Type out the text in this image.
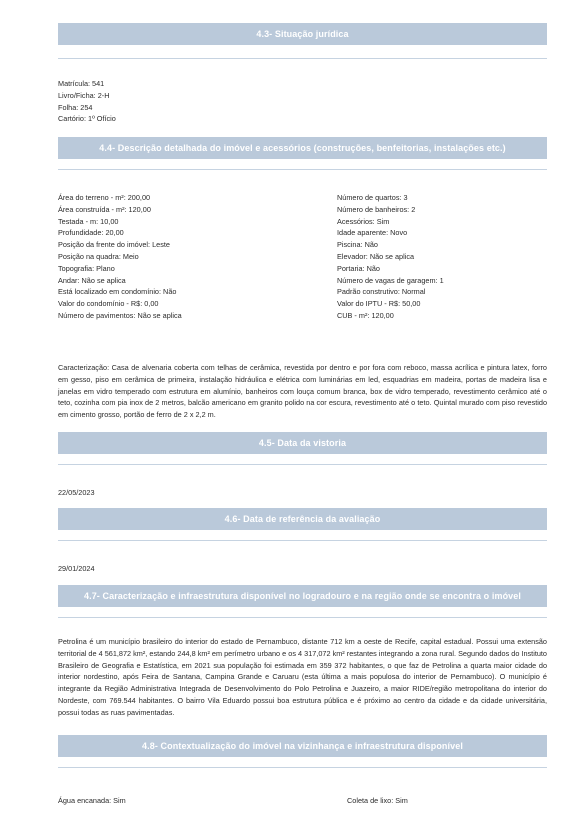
4.3- Situação jurídica
Matrícula: 541
Livro/Ficha: 2-H
Folha: 254
Cartório: 1º Ofício
4.4- Descrição detalhada do imóvel e acessórios (construções, benfeitorias, instalações etc.)
Área do terreno - m²: 200,00
Área construída - m²: 120,00
Testada - m: 10,00
Profundidade: 20,00
Posição da frente do imóvel: Leste
Posição na quadra: Meio
Topografia: Plano
Andar: Não se aplica
Está localizado em condomínio: Não
Valor do condomínio - R$: 0,00
Número de pavimentos: Não se aplica
Número de quartos: 3
Número de banheiros: 2
Acessórios: Sim
Idade aparente: Novo
Piscina: Não
Elevador: Não se aplica
Portaria: Não
Número de vagas de garagem: 1
Padrão construtivo: Normal
Valor do IPTU - R$: 50,00
CUB - m²: 120,00
Caracterização: Casa de alvenaria coberta com telhas de cerâmica, revestida por dentro e por fora com reboco, massa acrílica e pintura latex, forro em gesso, piso em cerâmica de primeira, instalação hidráulica e elétrica com luminárias em led, esquadrias em madeira, portas de madeira lisa e janelas em vidro temperado com estrutura em alumínio, banheiros com louça comum branca, box de vidro temperado, revestimento cerâmico até o teto, cozinha com pia inox de 2 metros, balcão americano em granito polido na cor escura, revestimento até o teto. Quintal murado com piso revestido em cimento grosso, portão de ferro de 2 x 2,2 m.
4.5- Data da vistoria
22/05/2023
4.6- Data de referência da avaliação
29/01/2024
4.7- Caracterização e infraestrutura disponível no logradouro e na região onde se encontra o imóvel
Petrolina é um município brasileiro do interior do estado de Pernambuco, distante 712 km a oeste de Recife, capital estadual. Possui uma extensão territorial de 4 561,872 km², estando 244,8 km² em perímetro urbano e os 4 317,072 km² restantes integrando a zona rural. Segundo dados do Instituto Brasileiro de Geografia e Estatística, em 2021 sua população foi estimada em 359 372 habitantes, o que faz de Petrolina a quarta maior cidade do interior nordestino, após Feira de Santana, Campina Grande e Caruaru (esta última a mais populosa do interior de Pernambuco). O município é integrante da Região Administrativa Integrada de Desenvolvimento do Polo Petrolina e Juazeiro, a maior RIDE/região metropolitana do interior do Nordeste, com 769.544 habitantes. O bairro Vila Eduardo possui boa estrutura pública e é próximo ao centro da cidade e da cidade universitária, possui todas as ruas pavimentadas.
4.8- Contextualização do imóvel na vizinhança e infraestrutura disponível
Água encanada: Sim	Coleta de lixo: Sim
